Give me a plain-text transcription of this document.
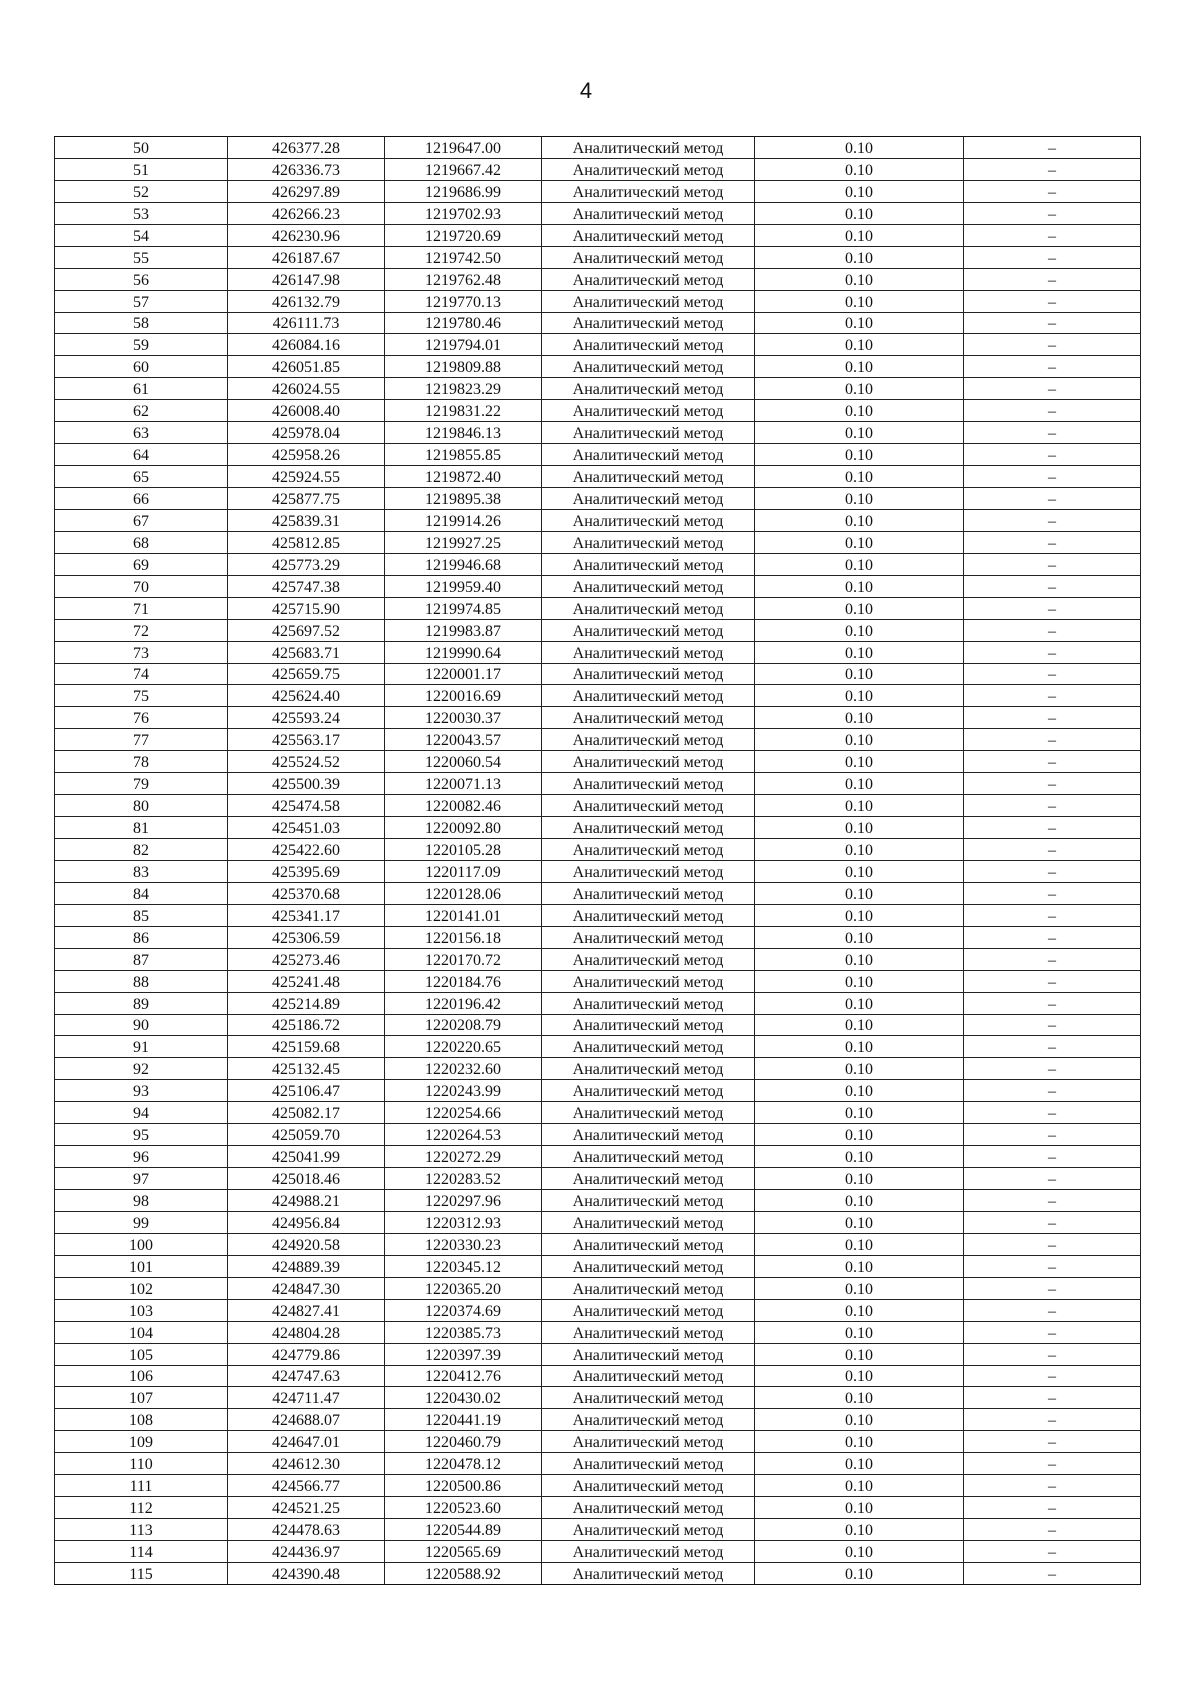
4
50	426377.28	1219647.00	Аналитический метод	0.10	–
51	426336.73	1219667.42	Аналитический метод	0.10	–
52	426297.89	1219686.99	Аналитический метод	0.10	–
53	426266.23	1219702.93	Аналитический метод	0.10	–
54	426230.96	1219720.69	Аналитический метод	0.10	–
55	426187.67	1219742.50	Аналитический метод	0.10	–
56	426147.98	1219762.48	Аналитический метод	0.10	–
57	426132.79	1219770.13	Аналитический метод	0.10	–
58	426111.73	1219780.46	Аналитический метод	0.10	–
59	426084.16	1219794.01	Аналитический метод	0.10	–
60	426051.85	1219809.88	Аналитический метод	0.10	–
61	426024.55	1219823.29	Аналитический метод	0.10	–
62	426008.40	1219831.22	Аналитический метод	0.10	–
63	425978.04	1219846.13	Аналитический метод	0.10	–
64	425958.26	1219855.85	Аналитический метод	0.10	–
65	425924.55	1219872.40	Аналитический метод	0.10	–
66	425877.75	1219895.38	Аналитический метод	0.10	–
67	425839.31	1219914.26	Аналитический метод	0.10	–
68	425812.85	1219927.25	Аналитический метод	0.10	–
69	425773.29	1219946.68	Аналитический метод	0.10	–
70	425747.38	1219959.40	Аналитический метод	0.10	–
71	425715.90	1219974.85	Аналитический метод	0.10	–
72	425697.52	1219983.87	Аналитический метод	0.10	–
73	425683.71	1219990.64	Аналитический метод	0.10	–
74	425659.75	1220001.17	Аналитический метод	0.10	–
75	425624.40	1220016.69	Аналитический метод	0.10	–
76	425593.24	1220030.37	Аналитический метод	0.10	–
77	425563.17	1220043.57	Аналитический метод	0.10	–
78	425524.52	1220060.54	Аналитический метод	0.10	–
79	425500.39	1220071.13	Аналитический метод	0.10	–
80	425474.58	1220082.46	Аналитический метод	0.10	–
81	425451.03	1220092.80	Аналитический метод	0.10	–
82	425422.60	1220105.28	Аналитический метод	0.10	–
83	425395.69	1220117.09	Аналитический метод	0.10	–
84	425370.68	1220128.06	Аналитический метод	0.10	–
85	425341.17	1220141.01	Аналитический метод	0.10	–
86	425306.59	1220156.18	Аналитический метод	0.10	–
87	425273.46	1220170.72	Аналитический метод	0.10	–
88	425241.48	1220184.76	Аналитический метод	0.10	–
89	425214.89	1220196.42	Аналитический метод	0.10	–
90	425186.72	1220208.79	Аналитический метод	0.10	–
91	425159.68	1220220.65	Аналитический метод	0.10	–
92	425132.45	1220232.60	Аналитический метод	0.10	–
93	425106.47	1220243.99	Аналитический метод	0.10	–
94	425082.17	1220254.66	Аналитический метод	0.10	–
95	425059.70	1220264.53	Аналитический метод	0.10	–
96	425041.99	1220272.29	Аналитический метод	0.10	–
97	425018.46	1220283.52	Аналитический метод	0.10	–
98	424988.21	1220297.96	Аналитический метод	0.10	–
99	424956.84	1220312.93	Аналитический метод	0.10	–
100	424920.58	1220330.23	Аналитический метод	0.10	–
101	424889.39	1220345.12	Аналитический метод	0.10	–
102	424847.30	1220365.20	Аналитический метод	0.10	–
103	424827.41	1220374.69	Аналитический метод	0.10	–
104	424804.28	1220385.73	Аналитический метод	0.10	–
105	424779.86	1220397.39	Аналитический метод	0.10	–
106	424747.63	1220412.76	Аналитический метод	0.10	–
107	424711.47	1220430.02	Аналитический метод	0.10	–
108	424688.07	1220441.19	Аналитический метод	0.10	–
109	424647.01	1220460.79	Аналитический метод	0.10	–
110	424612.30	1220478.12	Аналитический метод	0.10	–
111	424566.77	1220500.86	Аналитический метод	0.10	–
112	424521.25	1220523.60	Аналитический метод	0.10	–
113	424478.63	1220544.89	Аналитический метод	0.10	–
114	424436.97	1220565.69	Аналитический метод	0.10	–
115	424390.48	1220588.92	Аналитический метод	0.10	–
